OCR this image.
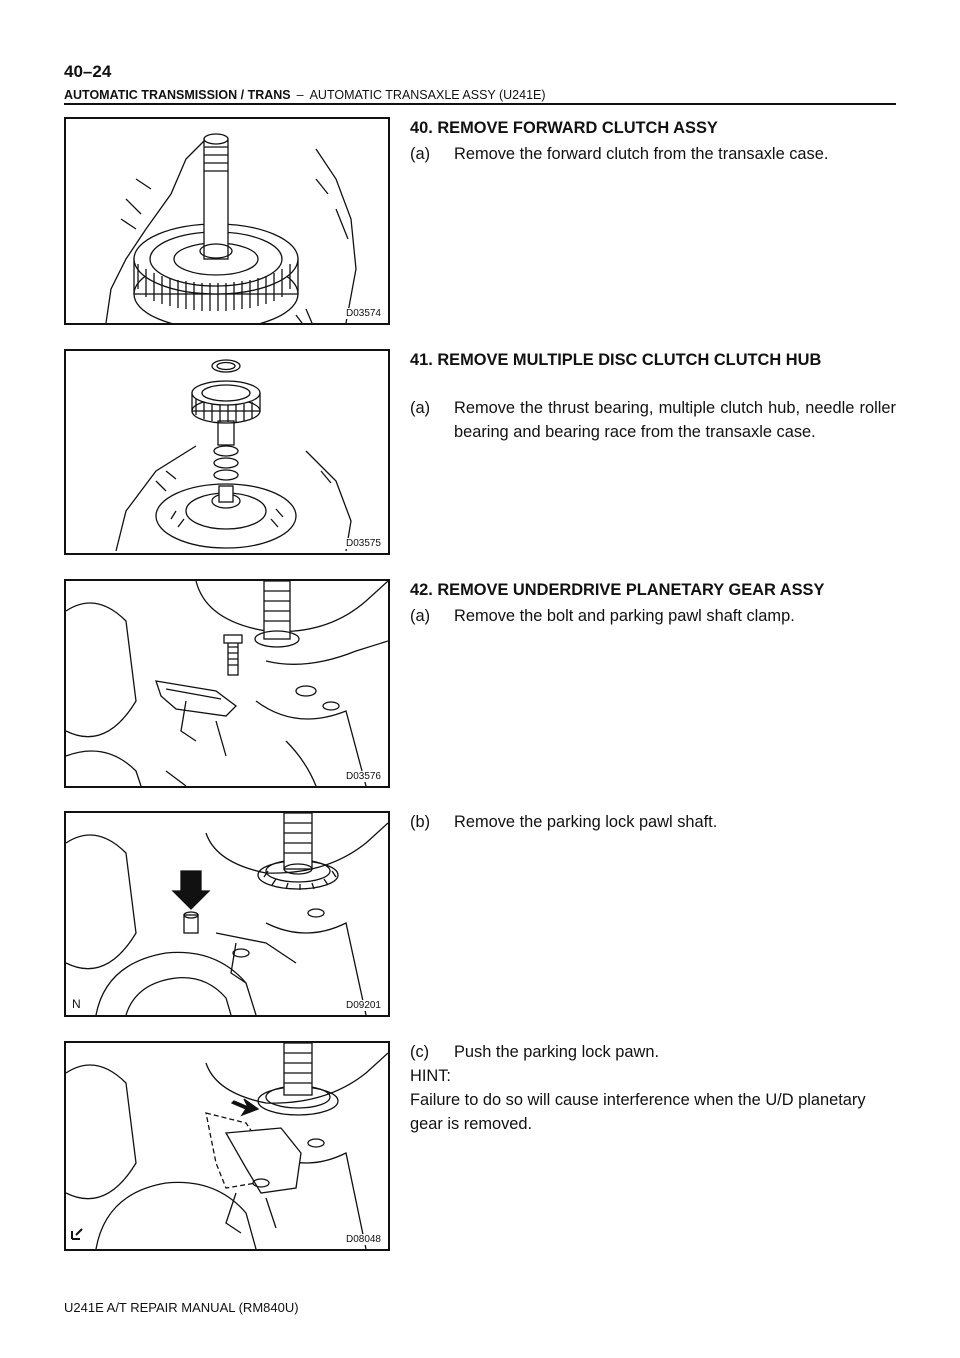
40–24
AUTOMATIC TRANSMISSION / TRANS – AUTOMATIC TRANSAXLE ASSY (U241E)
D03574
D03575
D03576
N	D09201
D08048
40. REMOVE FORWARD CLUTCH ASSY
(a)	Remove the forward clutch from the transaxle case.
41. REMOVE MULTIPLE DISC CLUTCH CLUTCH HUB
(a)	Remove the thrust bearing, multiple clutch hub, needle roller bearing and bearing race from the transaxle case.
42. REMOVE UNDERDRIVE PLANETARY GEAR ASSY
(a)	Remove the bolt and parking pawl shaft clamp.
(b)	Remove the parking lock pawl shaft.
(c)	Push the parking lock pawn.
HINT:
Failure to do so will cause interference when the U/D planetary gear is removed.
U241E A/T REPAIR MANUAL (RM840U)
